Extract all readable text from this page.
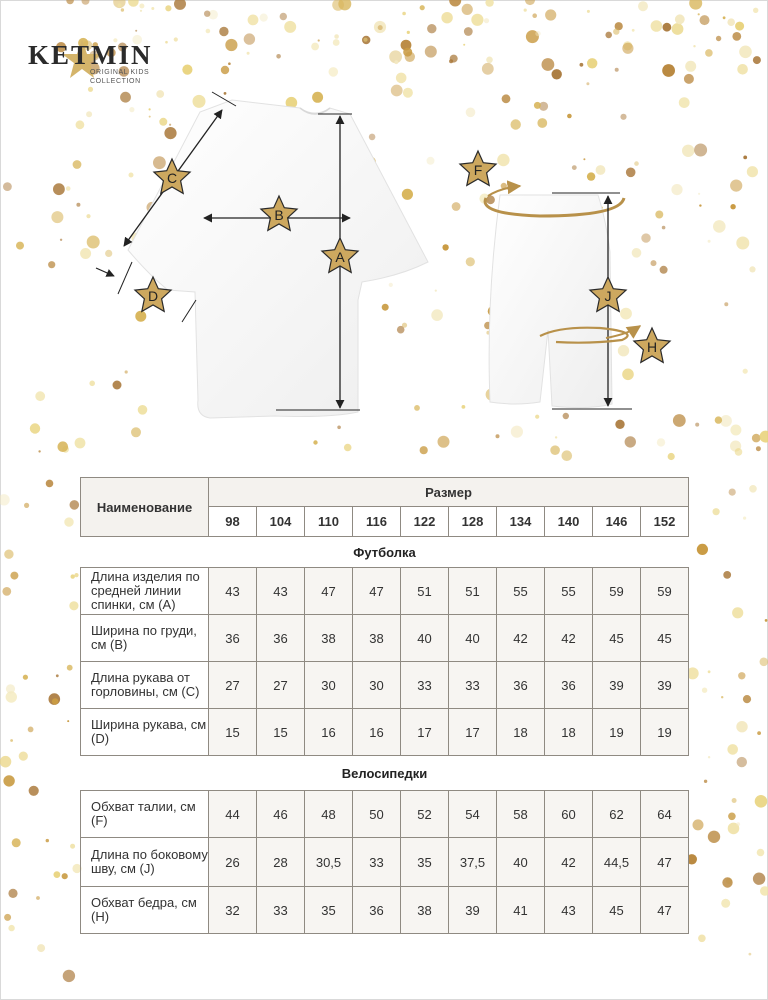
KETMIN
ORIGINAL KIDS COLLECTION
A
B
C
D
F
J
H
Наименование	Размер									
	98	104	110	116	122	128	134	140	146	152
Футболка										
Длина изделия по средней линии спинки, см (А)	43	43	47	47	51	51	55	55	59	59
Ширина по груди, см (В)	36	36	38	38	40	40	42	42	45	45
Длина рукава от горловины, см (С)	27	27	30	30	33	33	36	36	39	39
Ширина рукава, см (D)	15	15	16	16	17	17	18	18	19	19
Велосипедки										
Обхват талии, см (F)	44	46	48	50	52	54	58	60	62	64
Длина по боковому шву, см (J)	26	28	30,5	33	35	37,5	40	42	44,5	47
Обхват бедра, см (Н)	32	33	35	36	38	39	41	43	45	47
